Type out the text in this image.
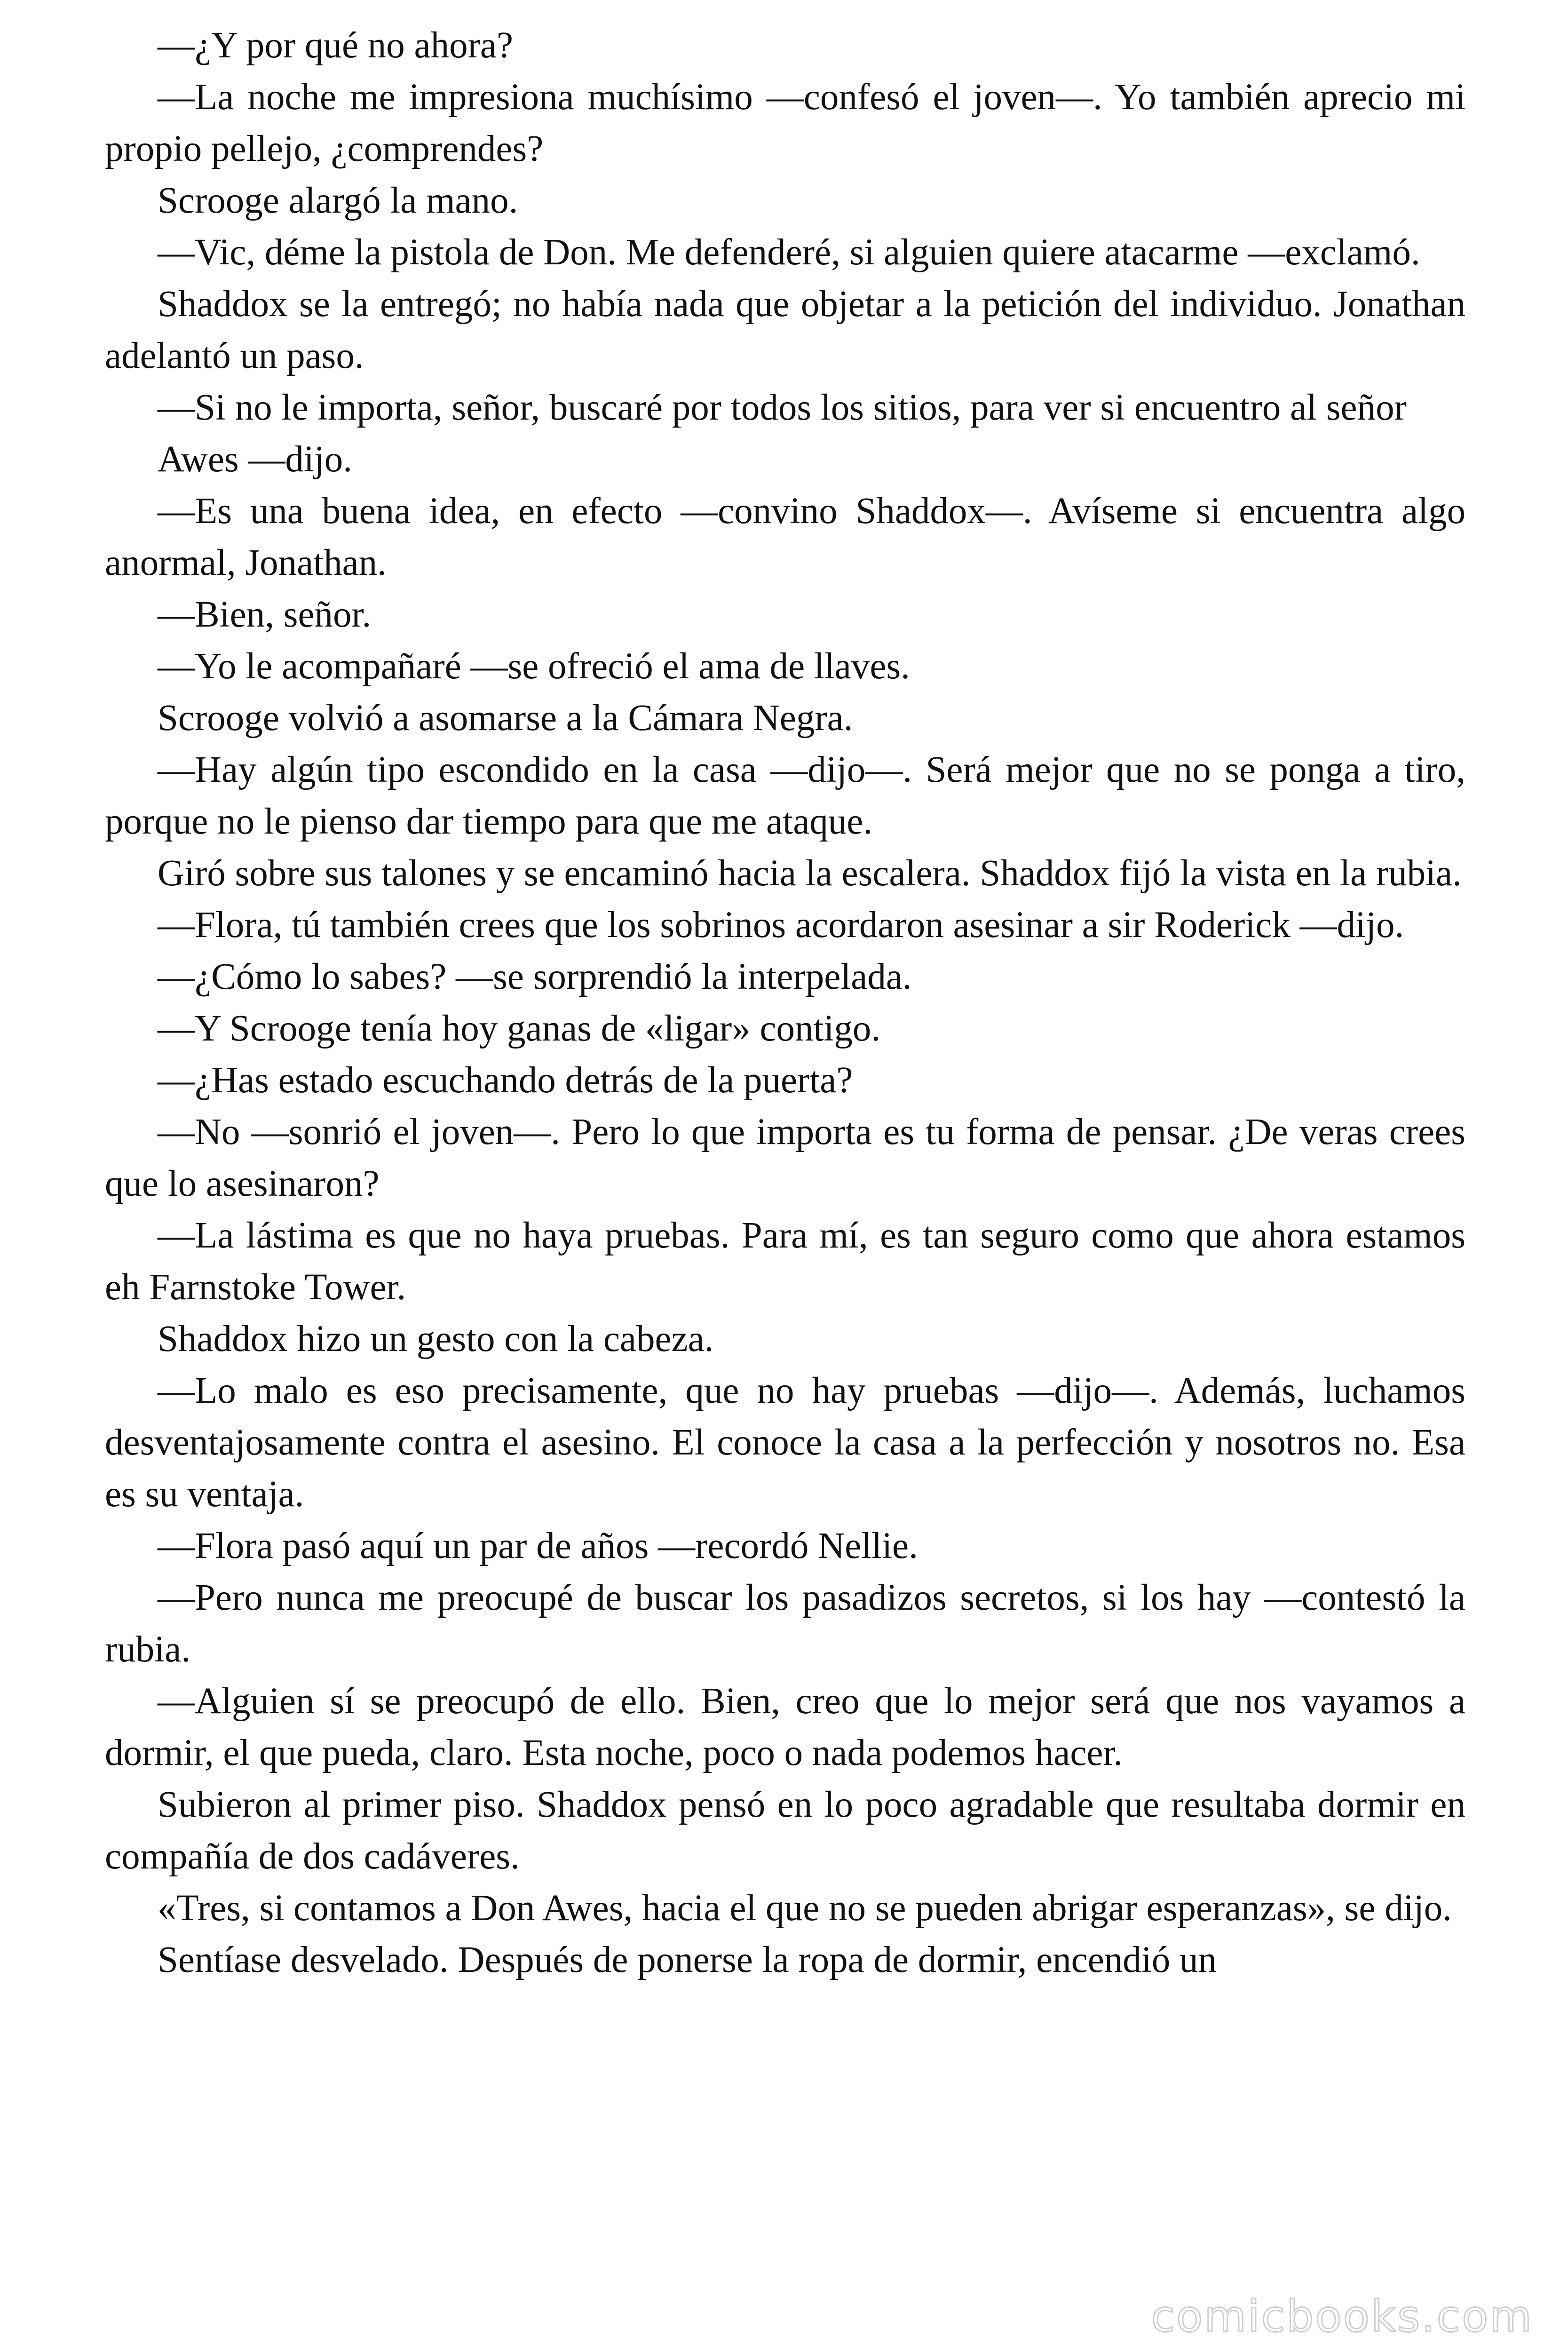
—¿Y por qué no ahora?

—La noche me impresiona muchísimo —confesó el joven—. Yo también aprecio mi propio pellejo, ¿comprendes?

Scrooge alargó la mano.

—Vic, déme la pistola de Don. Me defenderé, si alguien quiere atacarme —exclamó.

Shaddox se la entregó; no había nada que objetar a la petición del individuo. Jonathan adelantó un paso.

—Si no le importa, señor, buscaré por todos los sitios, para ver si encuentro al señor

Awes —dijo.

—Es una buena idea, en efecto —convino Shaddox—. Avíseme si encuentra algo anormal, Jonathan.

—Bien, señor.

—Yo le acompañaré —se ofreció el ama de llaves.

Scrooge volvió a asomarse a la Cámara Negra.

—Hay algún tipo escondido en la casa —dijo—. Será mejor que no se ponga a tiro, porque no le pienso dar tiempo para que me ataque.

Giró sobre sus talones y se encaminó hacia la escalera. Shaddox fijó la vista en la rubia.

—Flora, tú también crees que los sobrinos acordaron asesinar a sir Roderick —dijo.

—¿Cómo lo sabes? —se sorprendió la interpelada.

—Y Scrooge tenía hoy ganas de «ligar» contigo.

—¿Has estado escuchando detrás de la puerta?

—No —sonrió el joven—. Pero lo que importa es tu forma de pensar. ¿De veras crees que lo asesinaron?

—La lástima es que no haya pruebas. Para mí, es tan seguro como que ahora estamos eh Farnstoke Tower.

Shaddox hizo un gesto con la cabeza.

—Lo malo es eso precisamente, que no hay pruebas —dijo—. Además, luchamos desventajosamente contra el asesino. El conoce la casa a la perfección y nosotros no. Esa es su ventaja.

—Flora pasó aquí un par de años —recordó Nellie.

—Pero nunca me preocupé de buscar los pasadizos secretos, si los hay —contestó la rubia.

—Alguien sí se preocupó de ello. Bien, creo que lo mejor será que nos vayamos a dormir, el que pueda, claro. Esta noche, poco o nada podemos hacer.

Subieron al primer piso. Shaddox pensó en lo poco agradable que resultaba dormir en compañía de dos cadáveres.

«Tres, si contamos a Don Awes, hacia el que no se pueden abrigar esperanzas», se dijo.

Sentíase desvelado. Después de ponerse la ropa de dormir, encendió un

comicbooks.com
